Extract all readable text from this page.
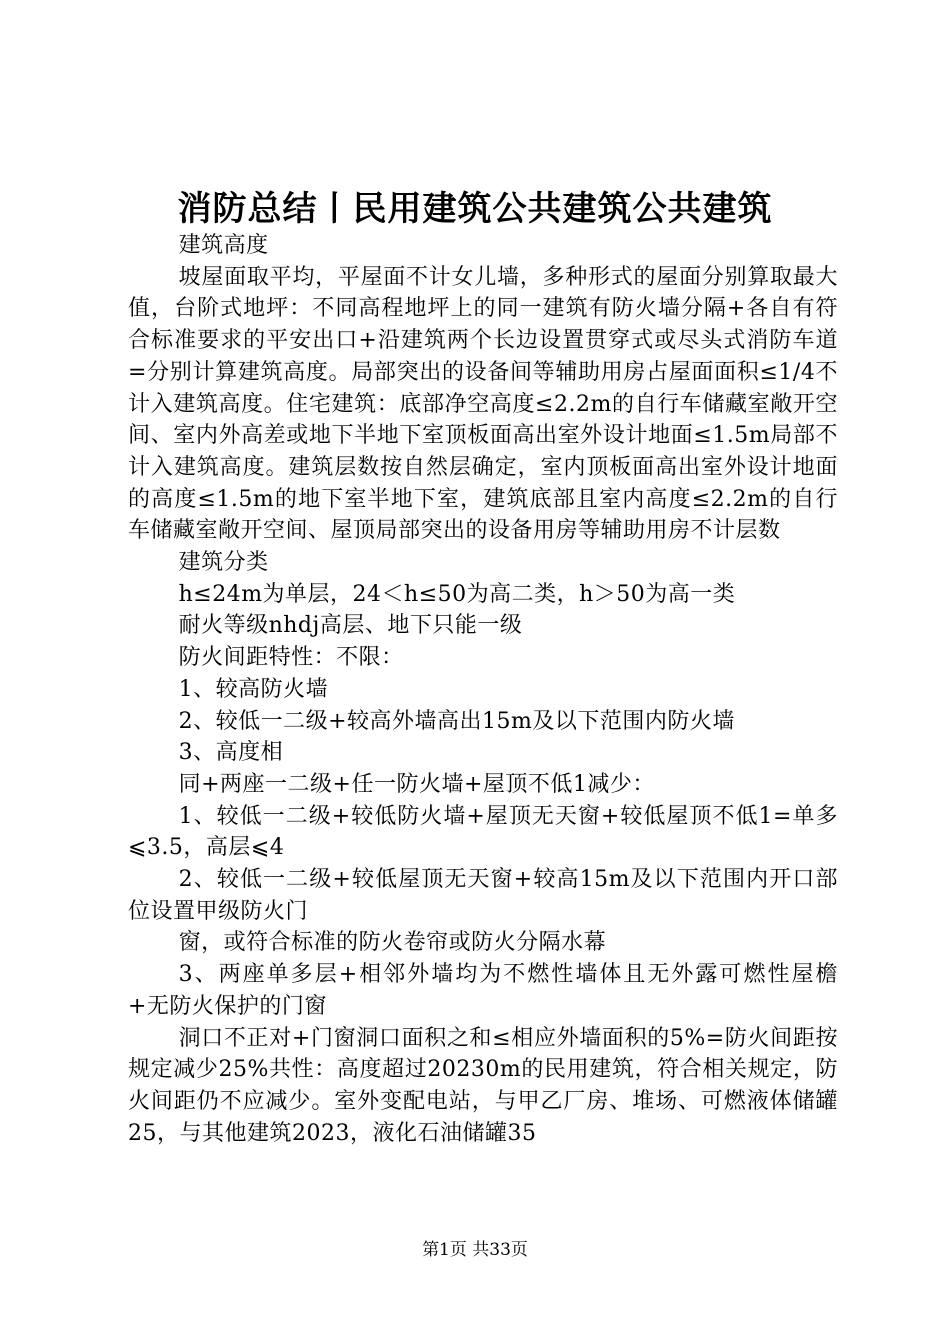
消防总结丨民用建筑公共建筑公共建筑

建筑高度

坡屋面取平均，平屋面不计女儿墙，多种形式的屋面分别算取最大值，台阶式地坪：不同高程地坪上的同一建筑有防火墙分隔+各自有符合标准要求的平安出口+沿建筑两个长边设置贯穿式或尽头式消防车道=分别计算建筑高度。局部突出的设备间等辅助用房占屋面面积≤1/4不计入建筑高度。住宅建筑：底部净空高度≤2.2m的自行车储藏室敞开空间、室内外高差或地下半地下室顶板面高出室外设计地面≤1.5m局部不计入建筑高度。建筑层数按自然层确定，室内顶板面高出室外设计地面的高度≤1.5m的地下室半地下室，建筑底部且室内高度≤2.2m的自行车储藏室敞开空间、屋顶局部突出的设备用房等辅助用房不计层数

建筑分类

h≤24m为单层，24＜h≤50为高二类，h＞50为高一类

耐火等级nhdj高层、地下只能一级

防火间距特性：不限：

1、较高防火墙

2、较低一二级+较高外墙高出15m及以下范围内防火墙

3、高度相

同+两座一二级+任一防火墙+屋顶不低1减少：

1、较低一二级+较低防火墙+屋顶无天窗+较低屋顶不低1=单多⩽3.5，高层⩽4

2、较低一二级+较低屋顶无天窗+较高15m及以下范围内开口部位设置甲级防火门

窗，或符合标准的防火卷帘或防火分隔水幕

3、两座单多层+相邻外墙均为不燃性墙体且无外露可燃性屋檐+无防火保护的门窗

洞口不正对+门窗洞口面积之和≤相应外墙面积的5%=防火间距按规定减少25%共性：高度超过20230m的民用建筑，符合相关规定，防火间距仍不应减少。室外变配电站，与甲乙厂房、堆场、可燃液体储罐25，与其他建筑2023，液化石油储罐35

第1页 共33页
